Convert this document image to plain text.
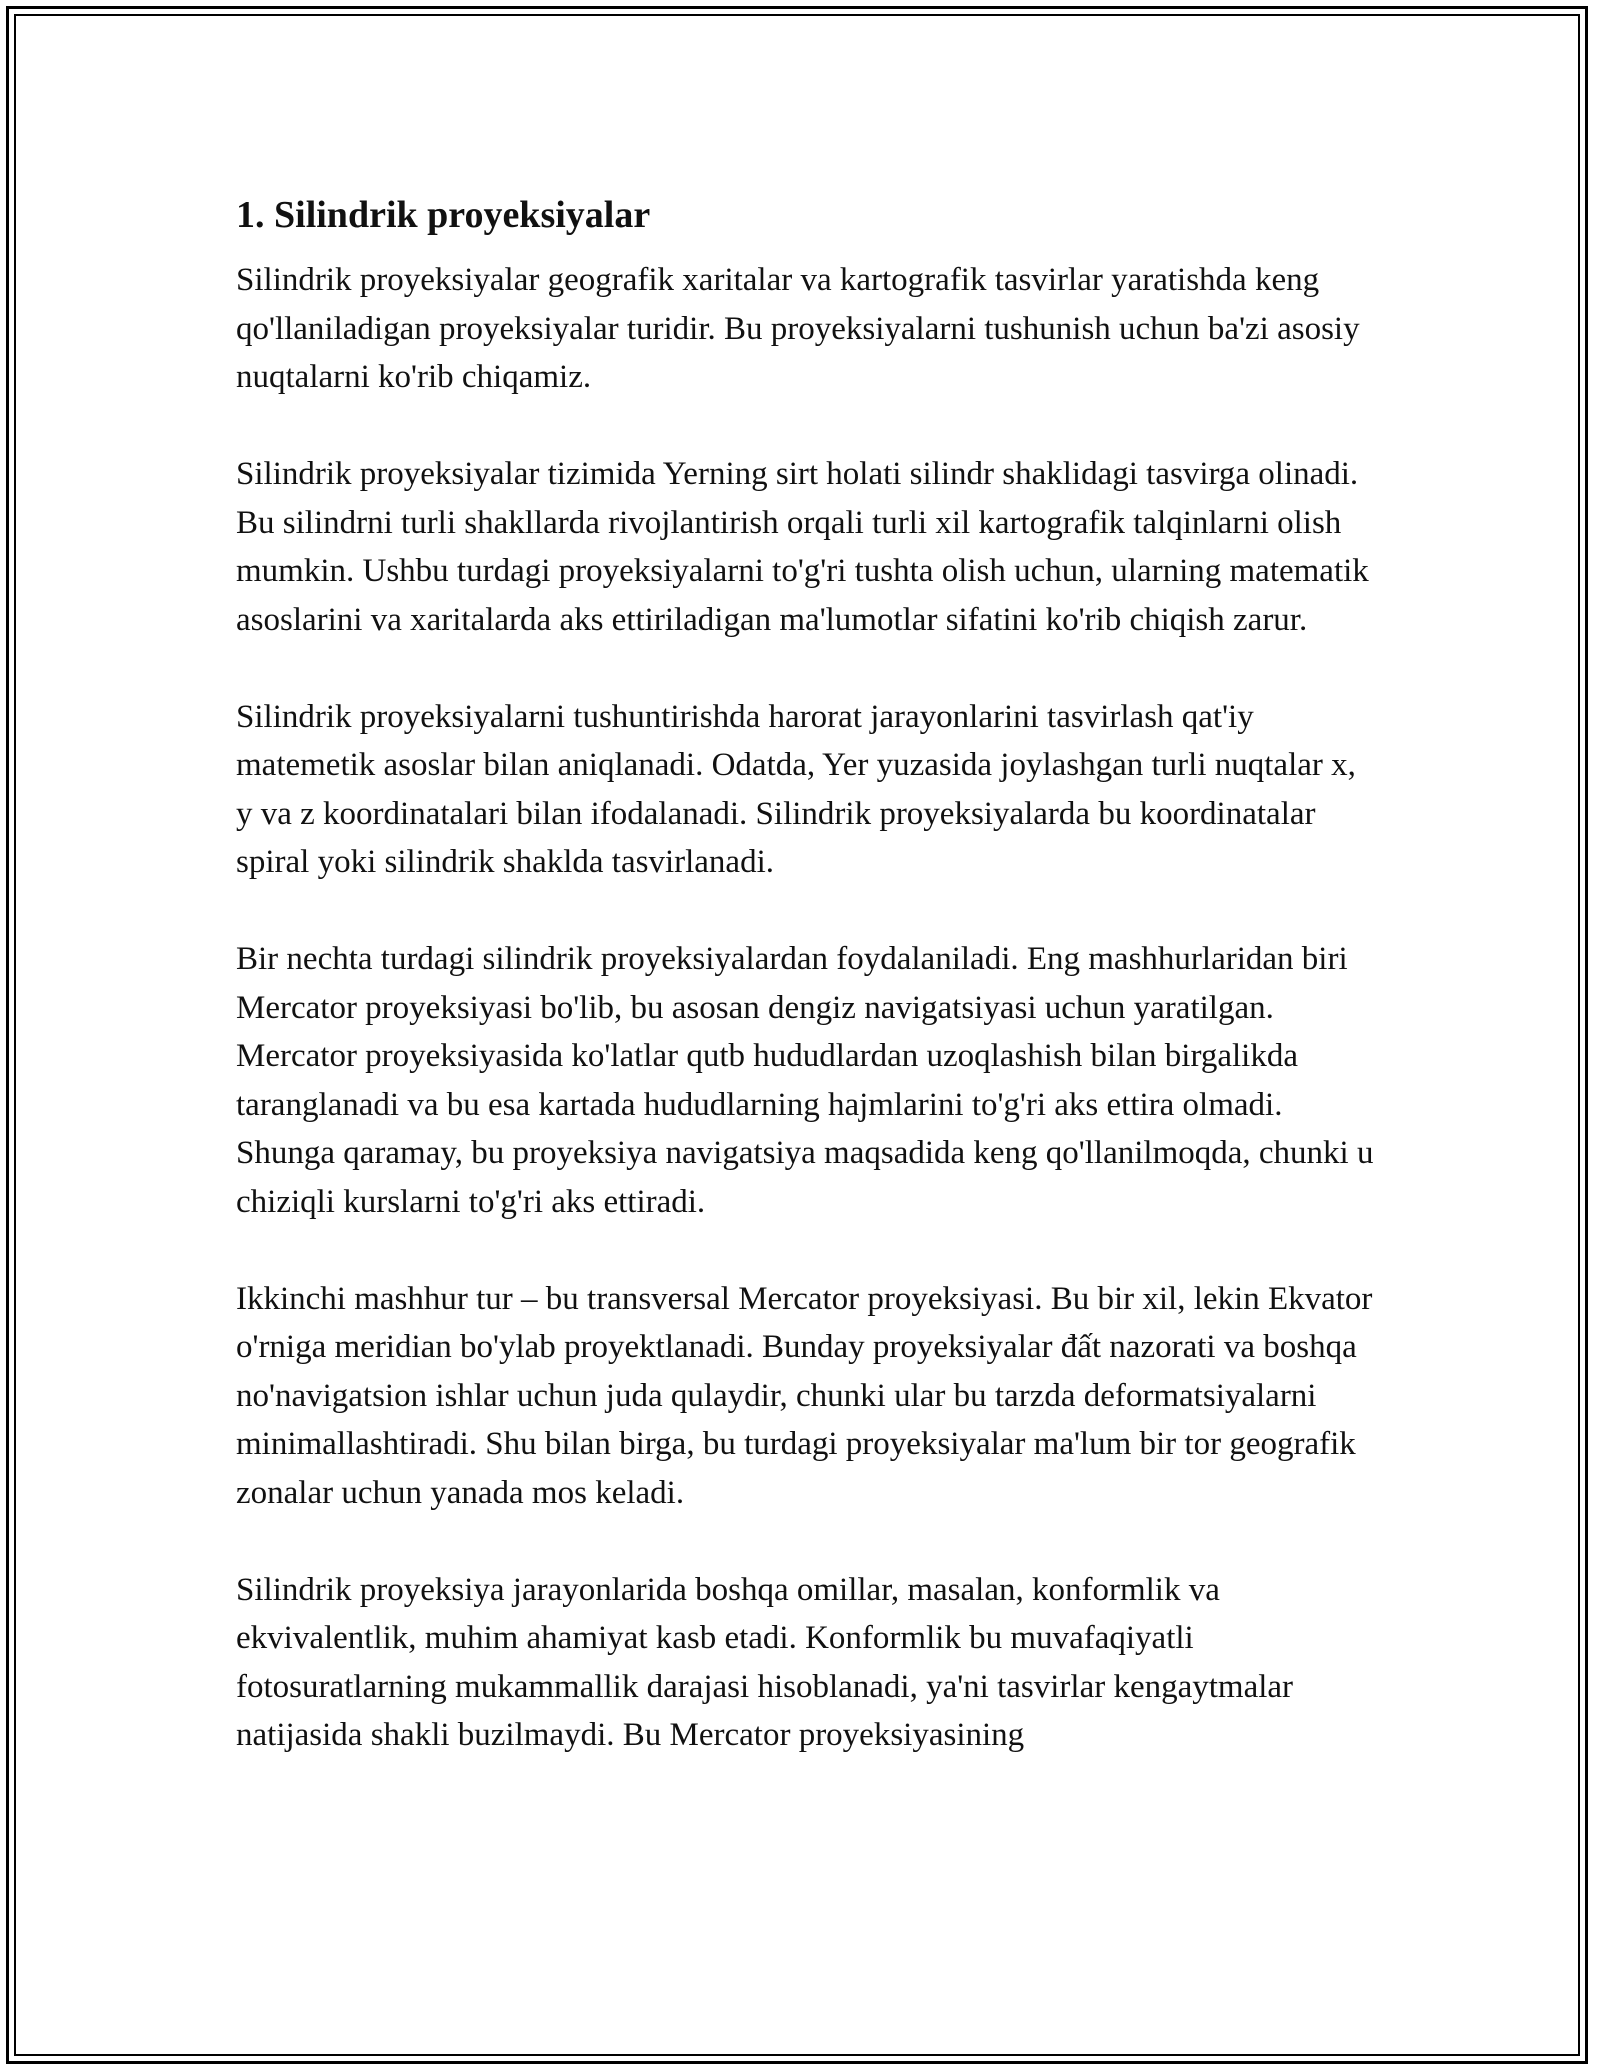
1. Silindrik proyeksiyalar

Silindrik proyeksiyalar geografik xaritalar va kartografik tasvirlar yaratishda keng qo'llaniladigan proyeksiyalar turidir. Bu proyeksiyalarni tushunish uchun ba'zi asosiy nuqtalarni ko'rib chiqamiz.

Silindrik proyeksiyalar tizimida Yerning sirt holati silindr shaklidagi tasvirga olinadi. Bu silindrni turli shakllarda rivojlantirish orqali turli xil kartografik talqinlarni olish mumkin. Ushbu turdagi proyeksiyalarni to'g'ri tushta olish uchun, ularning matematik asoslarini va xaritalarda aks ettiriladigan ma'lumotlar sifatini ko'rib chiqish zarur.

Silindrik proyeksiyalarni tushuntirishda harorat jarayonlarini tasvirlash qat'iy matemetik asoslar bilan aniqlanadi. Odatda, Yer yuzasida joylashgan turli nuqtalar x, y va z koordinatalari bilan ifodalanadi. Silindrik proyeksiyalarda bu koordinatalar spiral yoki silindrik shaklda tasvirlanadi.

Bir nechta turdagi silindrik proyeksiyalardan foydalaniladi. Eng mashhurlaridan biri Mercator proyeksiyasi bo'lib, bu asosan dengiz navigatsiyasi uchun yaratilgan. Mercator proyeksiyasida ko'latlar qutb hududlardan uzoqlashish bilan birgalikda taranglanadi va bu esa kartada hududlarning hajmlarini to'g'ri aks ettira olmadi. Shunga qaramay, bu proyeksiya navigatsiya maqsadida keng qo'llanilmoqda, chunki u chiziqli kurslarni to'g'ri aks ettiradi.

Ikkinchi mashhur tur – bu transversal Mercator proyeksiyasi. Bu bir xil, lekin Ekvator o'rniga meridian bo'ylab proyektlanadi. Bunday proyeksiyalar đất nazorati va boshqa no'navigatsion ishlar uchun juda qulaydir, chunki ular bu tarzda deformatsiyalarni minimallashtiradi. Shu bilan birga, bu turdagi proyeksiyalar ma'lum bir tor geografik zonalar uchun yanada mos keladi.

Silindrik proyeksiya jarayonlarida boshqa omillar, masalan, konformlik va ekvivalentlik, muhim ahamiyat kasb etadi. Konformlik bu muvafaqiyatli fotosuratlarning mukammallik darajasi hisoblanadi, ya'ni tasvirlar kengaytmalar natijasida shakli buzilmaydi. Bu Mercator proyeksiyasining
